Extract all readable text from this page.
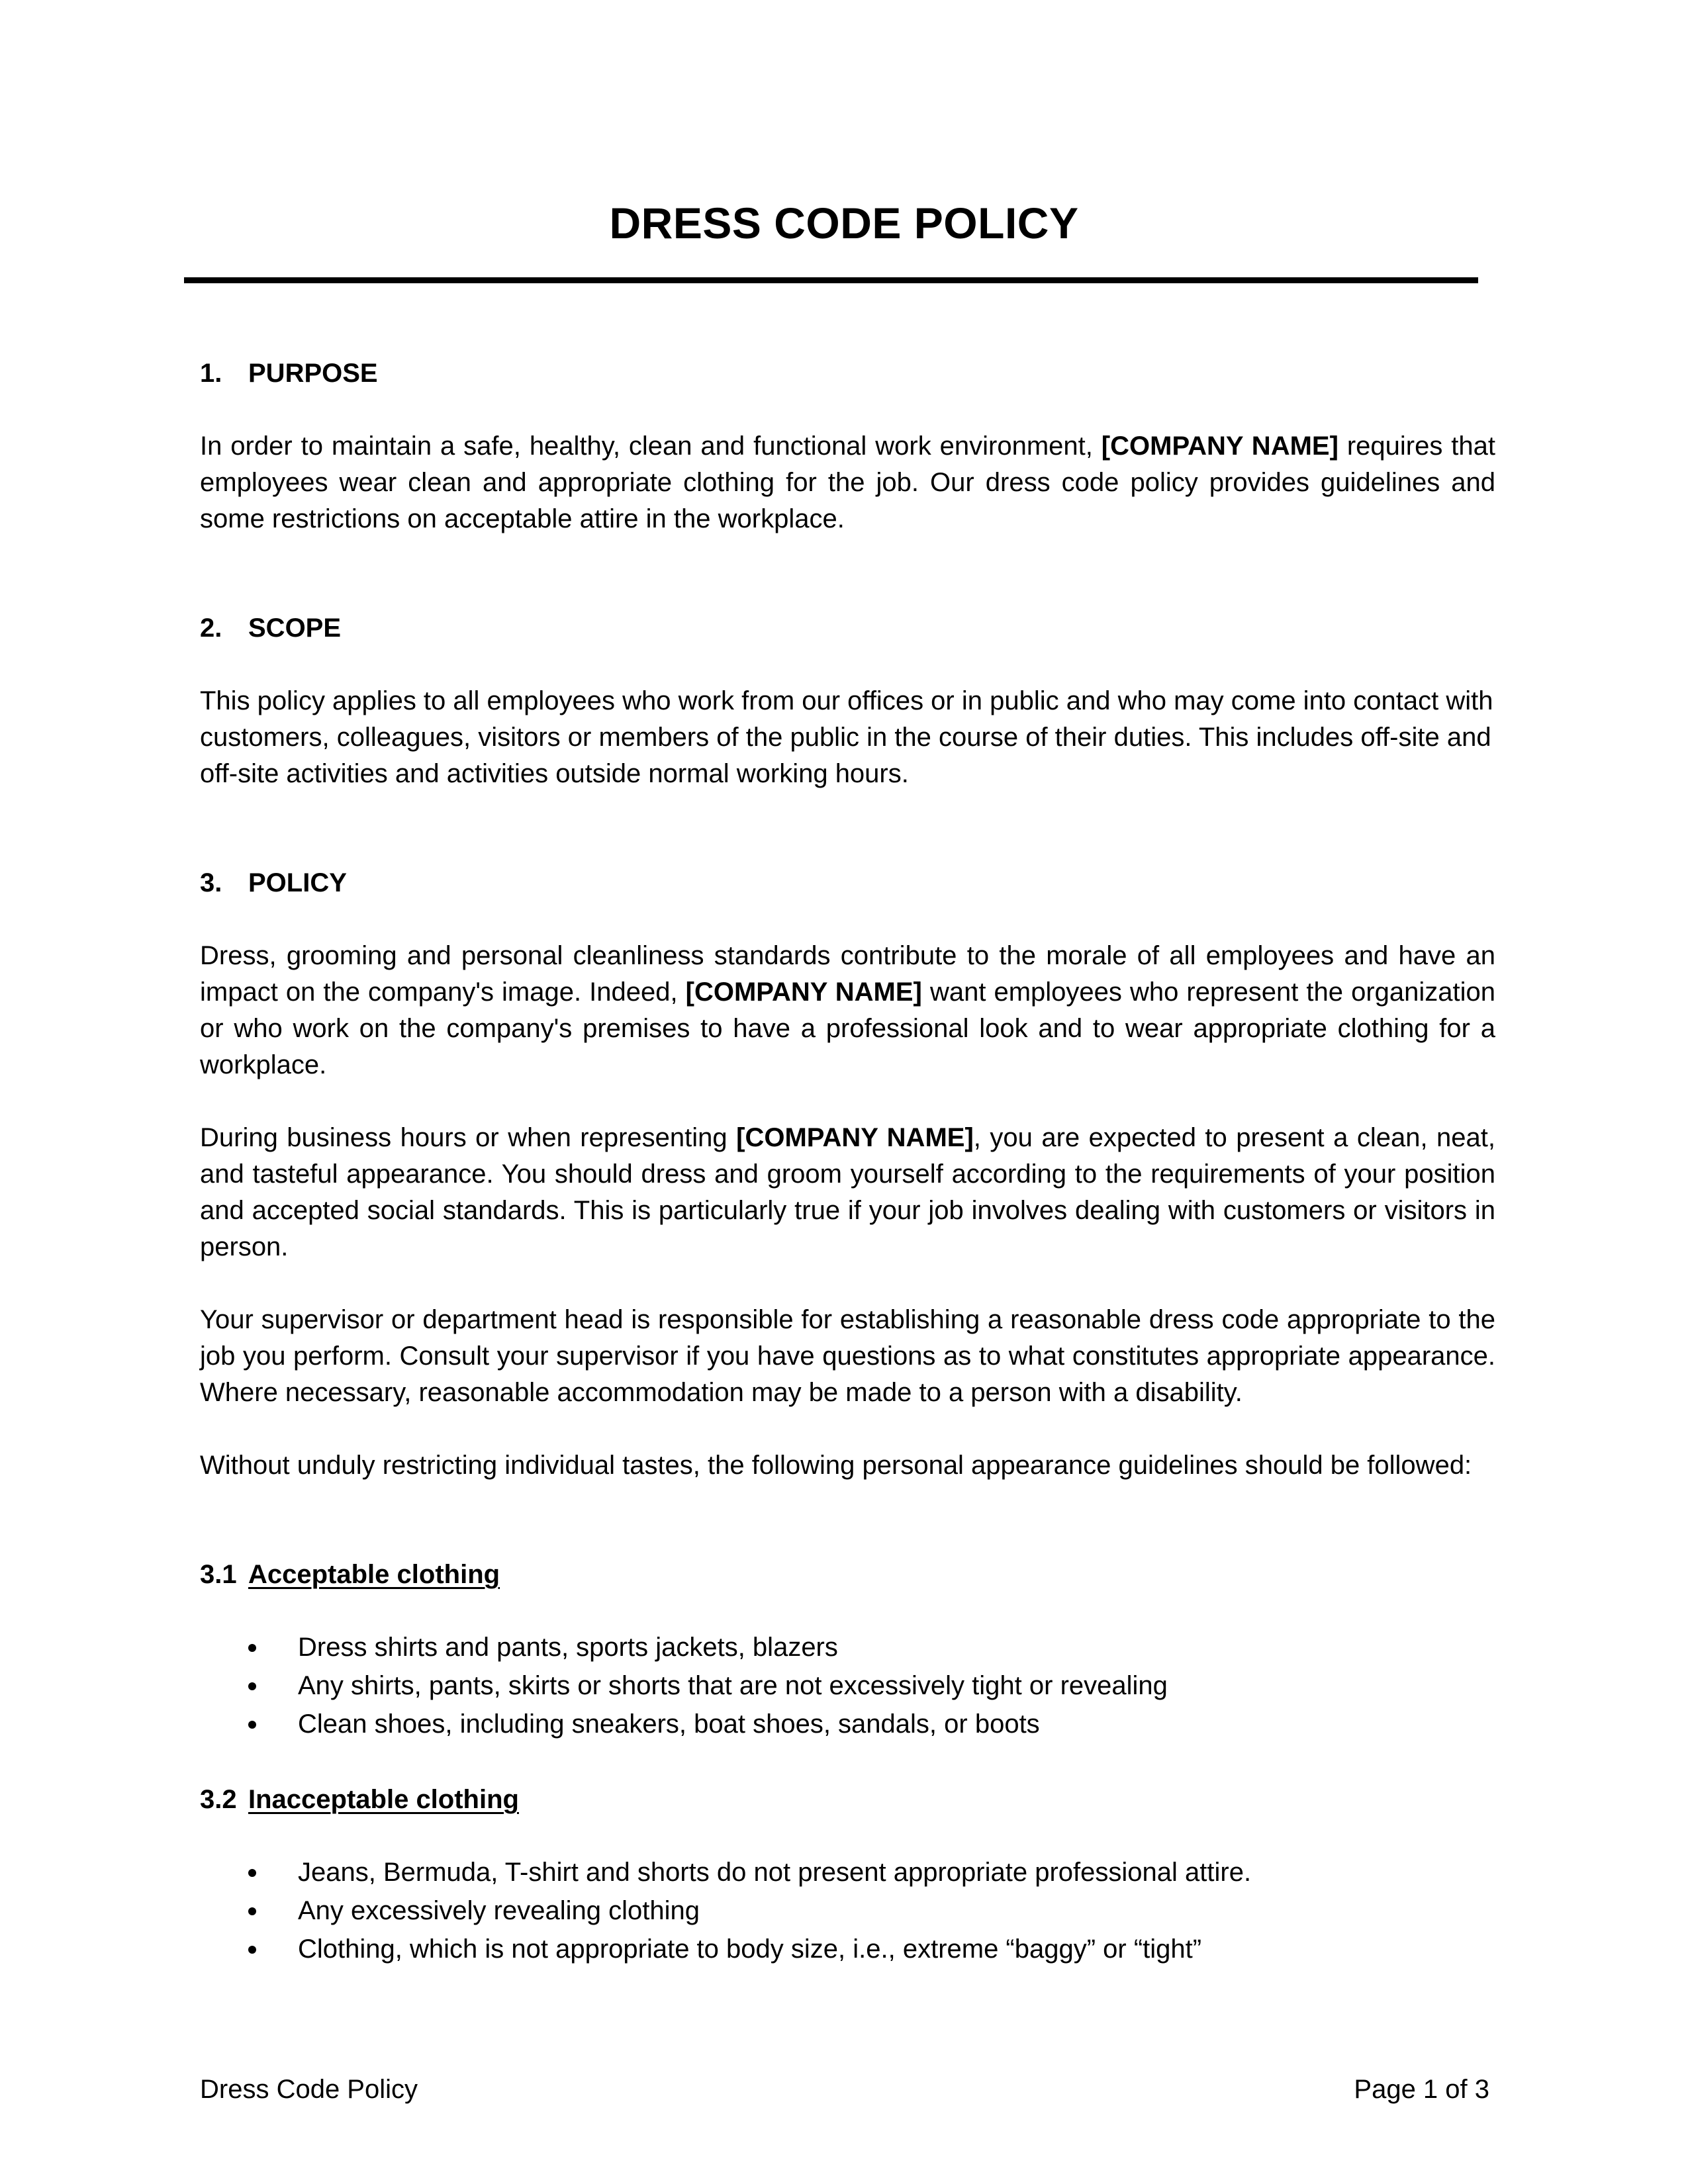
DRESS CODE POLICY
1. PURPOSE

In order to maintain a safe, healthy, clean and functional work environment, [COMPANY NAME] requires that employees wear clean and appropriate clothing for the job. Our dress code policy provides guidelines and some restrictions on acceptable attire in the workplace.

2. SCOPE

This policy applies to all employees who work from our offices or in public and who may come into contact with customers, colleagues, visitors or members of the public in the course of their duties. This includes off-site and off-site activities and activities outside normal working hours.

3. POLICY

Dress, grooming and personal cleanliness standards contribute to the morale of all employees and have an impact on the company's image. Indeed, [COMPANY NAME] want employees who represent the organization or who work on the company's premises to have a professional look and to wear appropriate clothing for a workplace.

During business hours or when representing [COMPANY NAME], you are expected to present a clean, neat, and tasteful appearance. You should dress and groom yourself according to the requirements of your position and accepted social standards. This is particularly true if your job involves dealing with customers or visitors in person.

Your supervisor or department head is responsible for establishing a reasonable dress code appropriate to the job you perform. Consult your supervisor if you have questions as to what constitutes appropriate appearance. Where necessary, reasonable accommodation may be made to a person with a disability.

Without unduly restricting individual tastes, the following personal appearance guidelines should be followed:

3.1 Acceptable clothing
Dress shirts and pants, sports jackets, blazers
Any shirts, pants, skirts or shorts that are not excessively tight or revealing
Clean shoes, including sneakers, boat shoes, sandals, or boots
3.2 Inacceptable clothing
Jeans, Bermuda, T-shirt and shorts do not present appropriate professional attire.
Any excessively revealing clothing
Clothing, which is not appropriate to body size, i.e., extreme “baggy” or “tight”
Dress Code Policy	Page 1 of 3
